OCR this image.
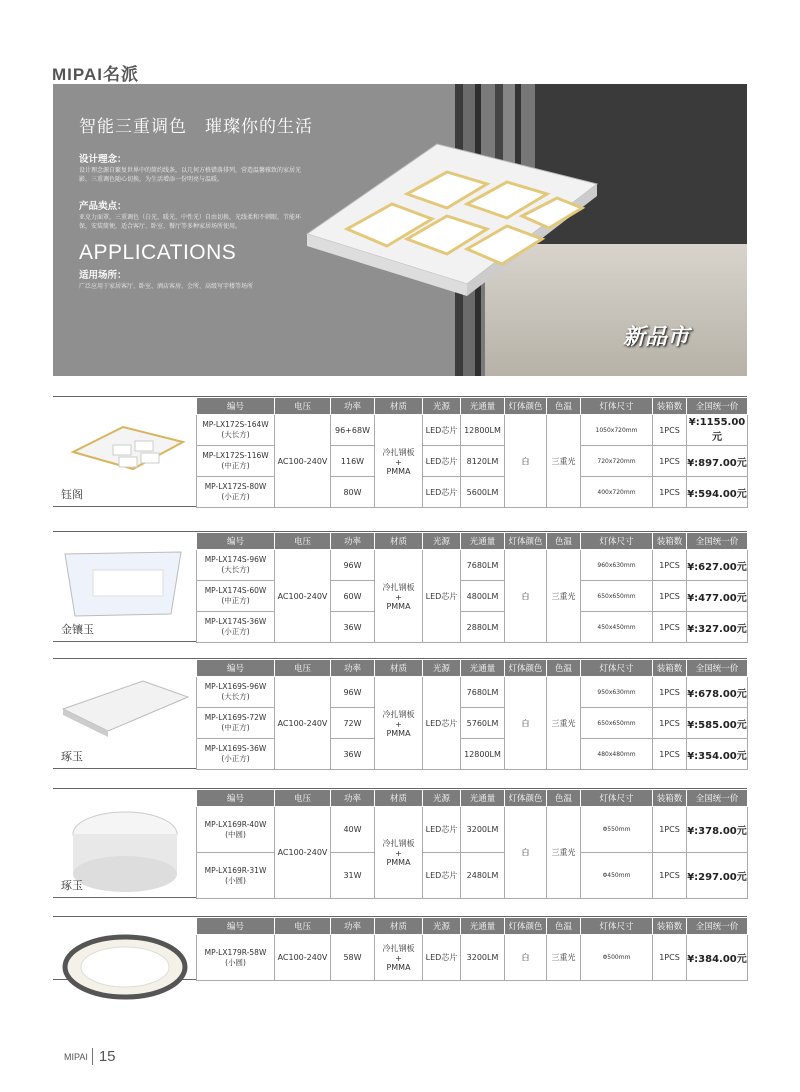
MIPAI名派
智能三重调色　璀璨你的生活
设计理念：
设计理念源自繁复世界中的简约线条，以几何方格错落排列，营造温馨雅致的家居光影，三重调色随心切换，为生活增添一份明亮与温暖。
产品卖点：
亚克力面罩，三重调色（白光、暖光、中性光）自由切换，光线柔和不刺眼，节能环保，安装简便，适合客厅、卧室、餐厅等多种家居场所使用。
APPLICATIONS
适用场所：
广泛应用于家居客厅、卧室、酒店客房、会所、高级写字楼等场所
新品市
钰阁
编号	电压	功率	材质	光源	光通量	灯体颜色	色温	灯体尺寸	装箱数	全国统一价
MP-LX172S-164W
(大长方)	AC100-240V	96+68W	冷扎钢板
+
PMMA	LED芯片	12800LM	白	三重光	1050x720mm	1PCS	¥:1155.00元
MP-LX172S-116W
(中正方)		116W		LED芯片	8120LM			720x720mm	1PCS	¥:897.00元
MP-LX172S-80W
(小正方)		80W		LED芯片	5600LM			400x720mm	1PCS	¥:594.00元
金镶玉
编号	电压	功率	材质	光源	光通量	灯体颜色	色温	灯体尺寸	装箱数	全国统一价
MP-LX174S-96W
(大长方)	AC100-240V	96W	冷扎钢板
+
PMMA	LED芯片	7680LM	白	三重光	960x630mm	1PCS	¥:627.00元
MP-LX174S-60W
(中正方)		60W			4800LM			650x650mm	1PCS	¥:477.00元
MP-LX174S-36W
(小正方)		36W			2880LM			450x450mm	1PCS	¥:327.00元
琢玉
编号	电压	功率	材质	光源	光通量	灯体颜色	色温	灯体尺寸	装箱数	全国统一价
MP-LX169S-96W
(大长方)	AC100-240V	96W	冷扎钢板
+
PMMA	LED芯片	7680LM	白	三重光	950x630mm	1PCS	¥:678.00元
MP-LX169S-72W
(中正方)		72W			5760LM			650x650mm	1PCS	¥:585.00元
MP-LX169S-36W
(小正方)		36W			12800LM			480x480mm	1PCS	¥:354.00元
琢玉
编号	电压	功率	材质	光源	光通量	灯体颜色	色温	灯体尺寸	装箱数	全国统一价
MP-LX169R-40W
(中圆)	AC100-240V	40W	冷扎钢板
+
PMMA	LED芯片	3200LM	白	三重光	Φ550mm	1PCS	¥:378.00元
MP-LX169R-31W
(小圆)		31W		LED芯片	2480LM			Φ450mm	1PCS	¥:297.00元
编号	电压	功率	材质	光源	光通量	灯体颜色	色温	灯体尺寸	装箱数	全国统一价
MP-LX179R-58W
(小圆)	AC100-240V	58W	冷扎钢板
+
PMMA	LED芯片	3200LM	白	三重光	Φ500mm	1PCS	¥:384.00元
MIPAI 15
